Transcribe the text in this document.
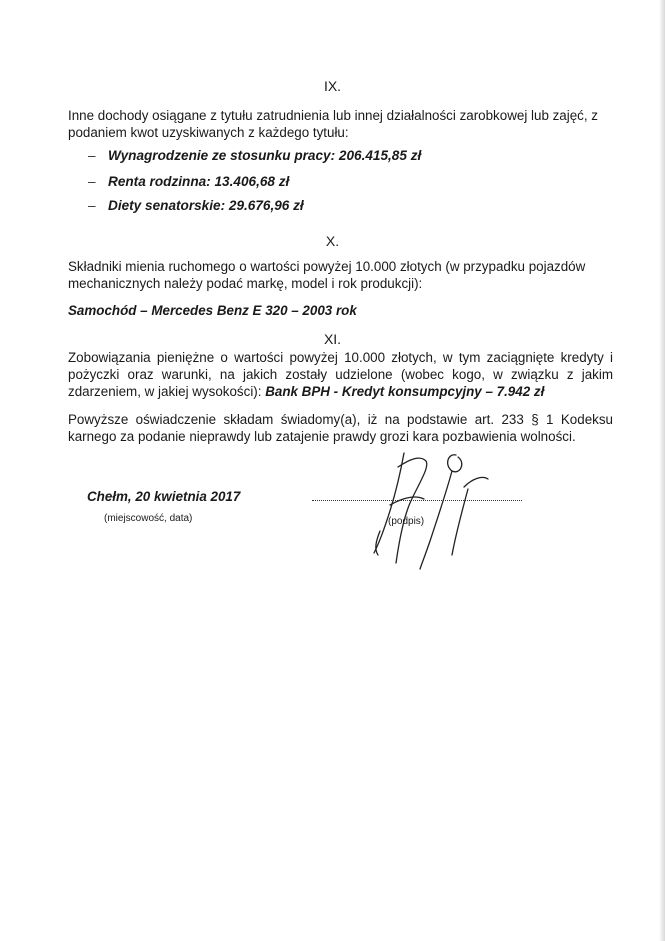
IX.

Inne dochody osiągane z tytułu zatrudnienia lub innej działalności zarobkowej lub zajęć, z podaniem kwot uzyskiwanych z każdego tytułu:

– Wynagrodzenie ze stosunku pracy: 206.415,85 zł
– Renta rodzinna: 13.406,68 zł
– Diety senatorskie: 29.676,96 zł
X.

Składniki mienia ruchomego o wartości powyżej 10.000 złotych (w przypadku pojazdów mechanicznych należy podać markę, model i rok produkcji):

Samochód – Mercedes Benz E 320 – 2003 rok
XI.

Zobowiązania pieniężne o wartości powyżej 10.000 złotych, w tym zaciągnięte kredyty i pożyczki oraz warunki, na jakich zostały udzielone (wobec kogo, w związku z jakim zdarzeniem, w jakiej wysokości): Bank BPH - Kredyt konsumpcyjny – 7.942 zł

Powyższe oświadczenie składam świadomy(a), iż na podstawie art. 233 § 1 Kodeksu karnego za podanie nieprawdy lub zatajenie prawdy grozi kara pozbawienia wolności.

Chełm, 20 kwietnia 2017
(miejscowość, data)	(podpis)
